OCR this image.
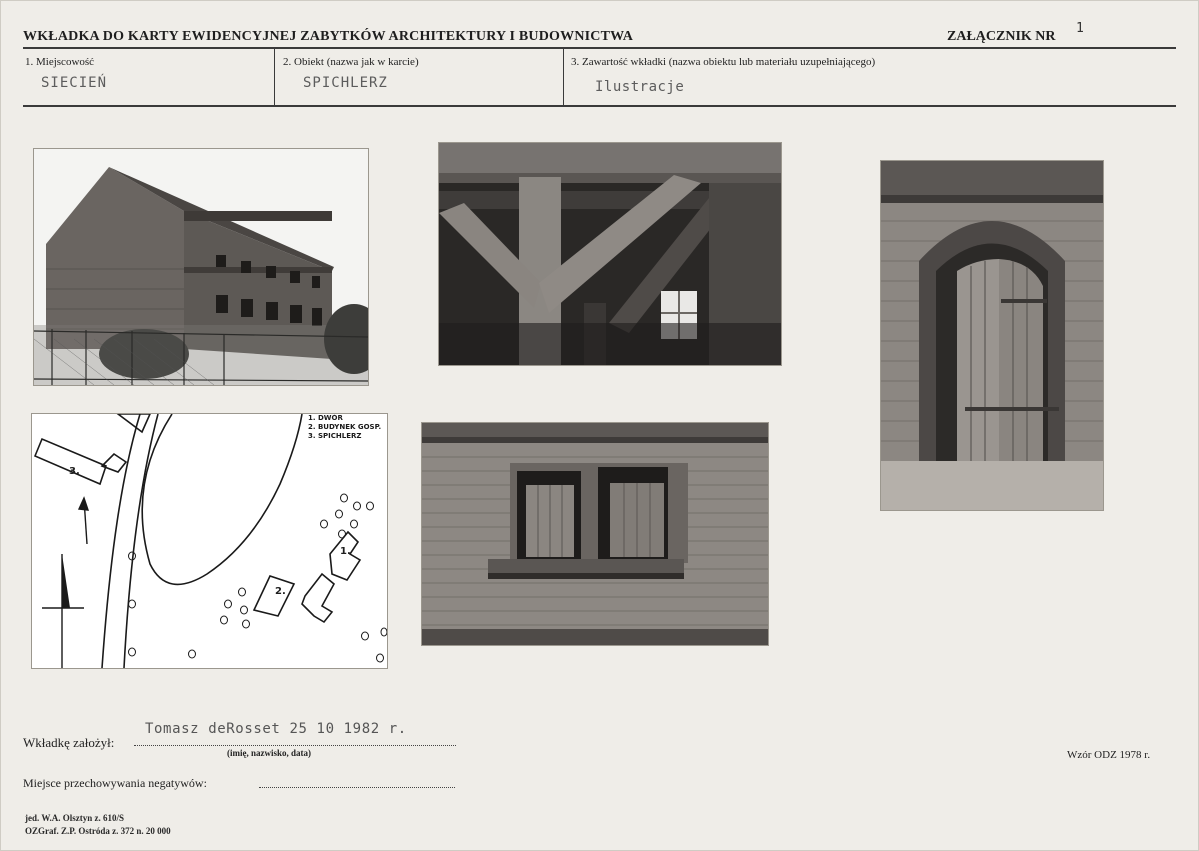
WKŁADKA DO KARTY EWIDENCYJNEJ ZABYTKÓW ARCHITEKTURY I BUDOWNICTWA	ZAŁĄCZNIK NR
1
1. Miejscowość
SIECIEŃ
2. Obiekt (nazwa jak w karcie)
SPICHLERZ
3. Zawartość wkładki (nazwa obiektu lub materiału uzupełniającego)
Ilustracje
3.
1.
2.
1. DWÓR
2. BUDYNEK GOSP.
3. SPICHLERZ
Wkładkę założył:
Tomasz deRosset 25 10 1982 r.
(imię, nazwisko, data)	Wzór ODZ 1978 r.
Miejsce przechowywania negatywów:
jed. W.A. Olsztyn z. 610/S
OZGraf. Z.P. Ostróda z. 372 n. 20 000
